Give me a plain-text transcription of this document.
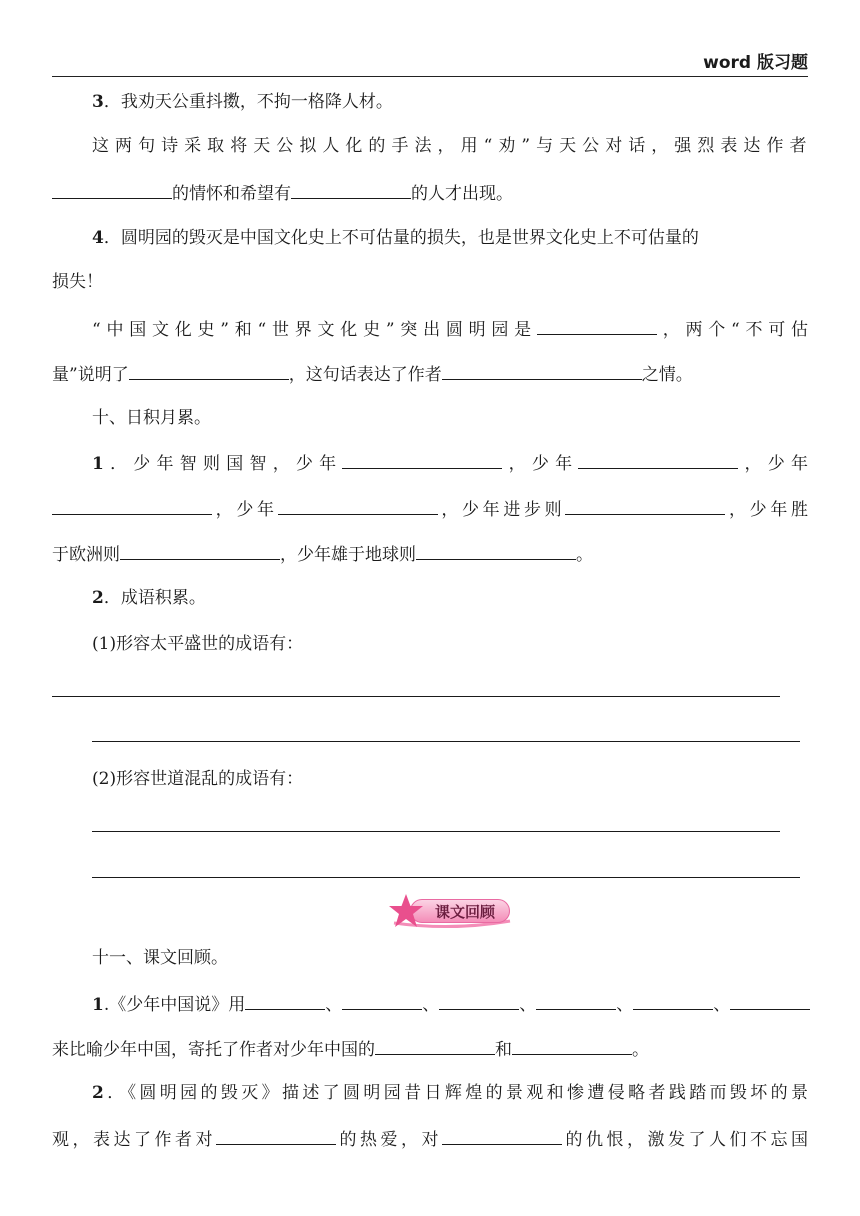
word 版习题
3．我劝天公重抖擞，不拘一格降人材。
这两句诗采取将天公拟人化的手法，用“劝”与天公对话，强烈表达作者
的情怀和希望有	的人才出现。
4．圆明园的毁灭是中国文化史上不可估量的损失，也是世界文化史上不可估量的
损失！
“中国文化史”和“世界文化史”突出圆明园是	，两个“不可估
量”说明了	，这句话表达了作者	之情。
十、日积月累。
1．少年智则国智，少年	，少年	，少年
，少年	，少年进步则	，少年胜
于欧洲则	，少年雄于地球则	。
2．成语积累。
(1)形容太平盛世的成语有：
(2)形容世道混乱的成语有：
课文回顾
十一、课文回顾。
1.《少年中国说》用	、	、	、	、	、
来比喻少年中国，寄托了作者对少年中国的	和	。
2．《圆明园的毁灭》描述了圆明园昔日辉煌的景观和惨遭侵略者践踏而毁坏的景
观，表达了作者对	的热爱，对	的仇恨，激发了人们不忘国
